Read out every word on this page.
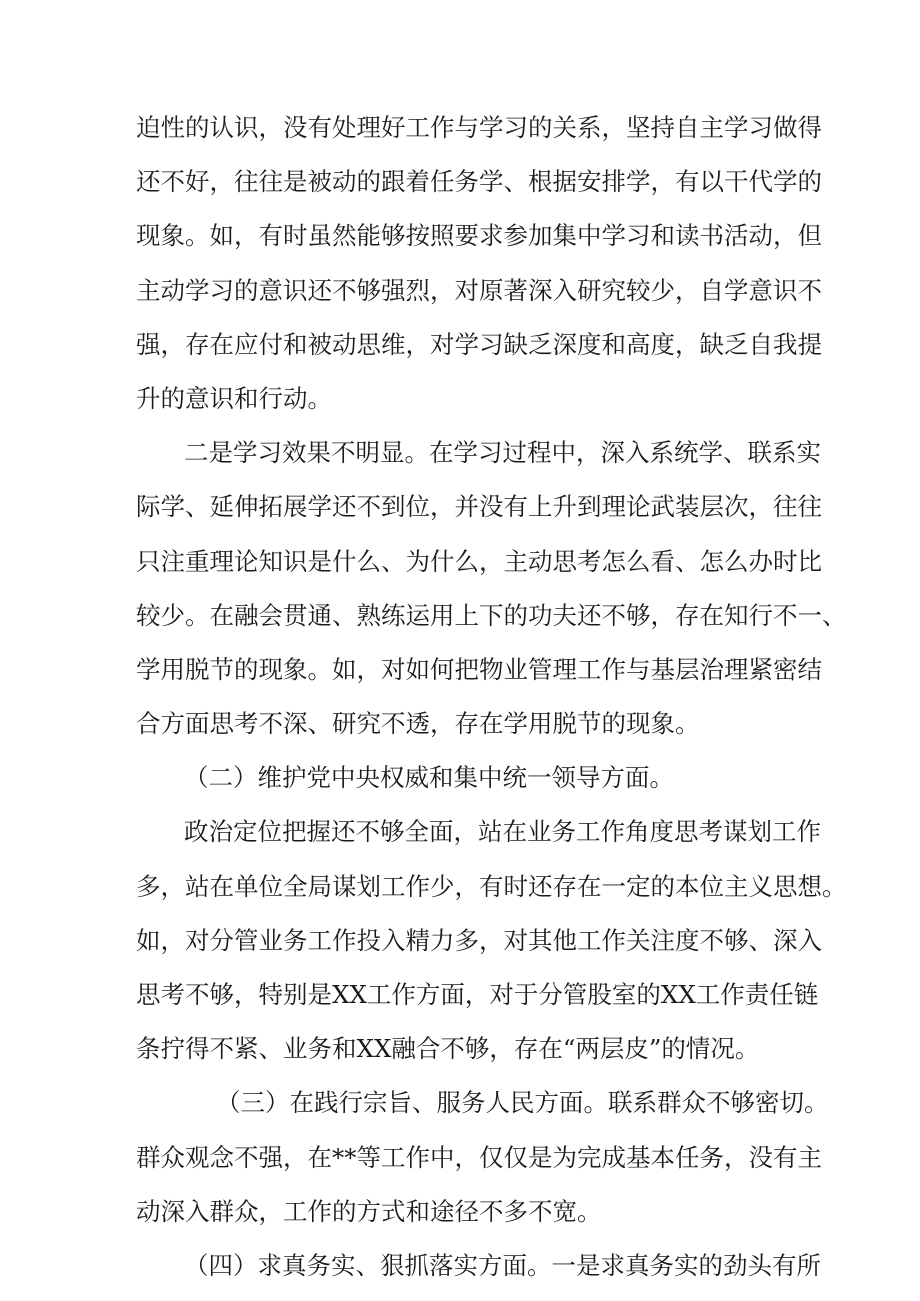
迫性的认识，没有处理好工作与学习的关系，坚持自主学习做得
还不好，往往是被动的跟着任务学、根据安排学，有以干代学的
现象。如，有时虽然能够按照要求参加集中学习和读书活动，但
主动学习的意识还不够强烈，对原著深入研究较少，自学意识不
强，存在应付和被动思维，对学习缺乏深度和高度，缺乏自我提
升的意识和行动。
二是学习效果不明显。在学习过程中，深入系统学、联系实
际学、延伸拓展学还不到位，并没有上升到理论武装层次，往往
只注重理论知识是什么、为什么，主动思考怎么看、怎么办时比
较少。在融会贯通、熟练运用上下的功夫还不够，存在知行不一、
学用脱节的现象。如，对如何把物业管理工作与基层治理紧密结
合方面思考不深、研究不透，存在学用脱节的现象。
（二）维护党中央权威和集中统一领导方面。
政治定位把握还不够全面，站在业务工作角度思考谋划工作
多，站在单位全局谋划工作少，有时还存在一定的本位主义思想。
如，对分管业务工作投入精力多，对其他工作关注度不够、深入
思考不够，特别是XX工作方面，对于分管股室的XX工作责任链
条拧得不紧、业务和XX融合不够，存在“两层皮”的情况。
（三）在践行宗旨、服务人民方面。联系群众不够密切。
群众观念不强，在**等工作中，仅仅是为完成基本任务，没有主
动深入群众，工作的方式和途径不多不宽。
（四）求真务实、狠抓落实方面。一是求真务实的劲头有所
